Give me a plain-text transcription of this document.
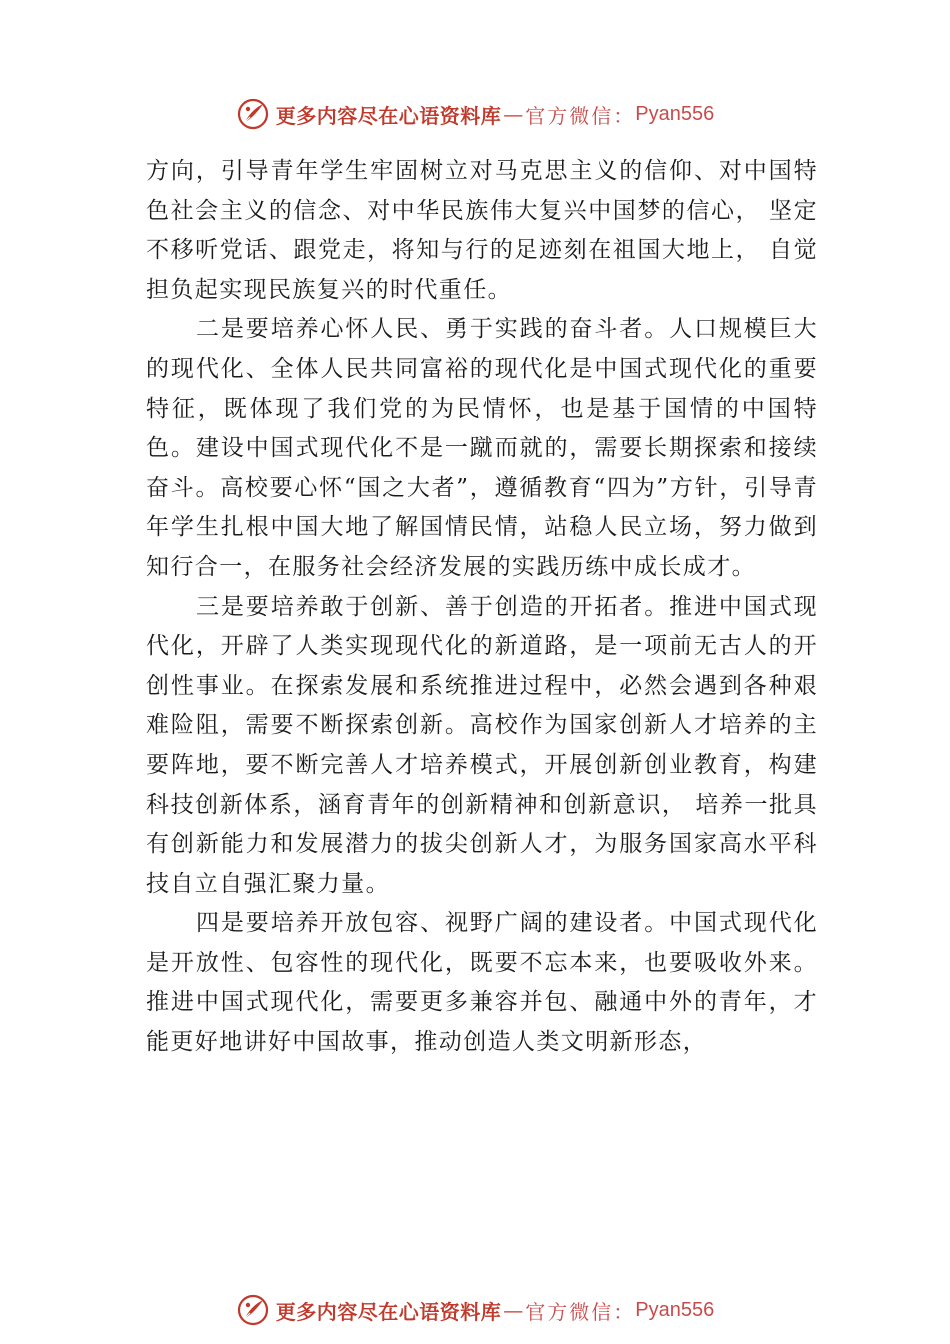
更多内容尽在心语资料库 — 官方微信： Pyan556

方向，引导青年学生牢固树立对马克思主义的信仰、对中国特色社会主义的信念、对中华民族伟大复兴中国梦的信心， 坚定不移听党话、跟党走，将知与行的足迹刻在祖国大地上， 自觉担负起实现民族复兴的时代重任。

二是要培养心怀人民、勇于实践的奋斗者。人口规模巨大的现代化、全体人民共同富裕的现代化是中国式现代化的重要特征，既体现了我们党的为民情怀，也是基于国情的中国特色。建设中国式现代化不是一蹴而就的，需要长期探索和接续奋斗。高校要心怀“国之大者”，遵循教育“四为”方针，引导青年学生扎根中国大地了解国情民情，站稳人民立场，努力做到知行合一，在服务社会经济发展的实践历练中成长成才。

三是要培养敢于创新、善于创造的开拓者。推进中国式现代化，开辟了人类实现现代化的新道路，是一项前无古人的开创性事业。在探索发展和系统推进过程中，必然会遇到各种艰难险阻，需要不断探索创新。高校作为国家创新人才培养的主要阵地，要不断完善人才培养模式，开展创新创业教育，构建科技创新体系，涵育青年的创新精神和创新意识， 培养一批具有创新能力和发展潜力的拔尖创新人才，为服务国家高水平科技自立自强汇聚力量。

四是要培养开放包容、视野广阔的建设者。中国式现代化是开放性、包容性的现代化，既要不忘本来，也要吸收外来。推进中国式现代化，需要更多兼容并包、融通中外的青年，才能更好地讲好中国故事，推动创造人类文明新形态，

更多内容尽在心语资料库 — 官方微信： Pyan556
